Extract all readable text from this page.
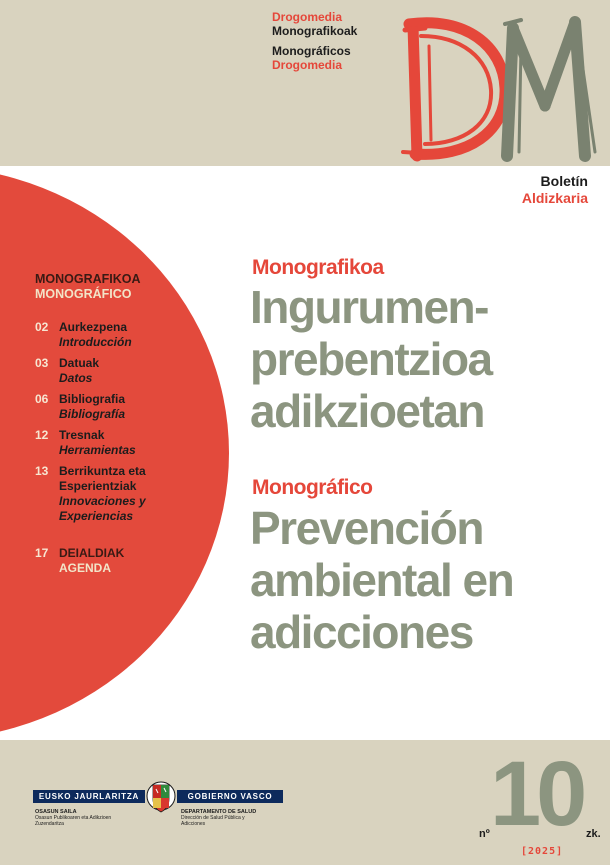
Drogomedia
Monografikoak
Monográficos
Drogomedia
Boletín
Aldizkaria
MONOGRAFIKOA
MONOGRÁFICO
02 Aurkezpena
Introducción
03 Datuak
Datos
06 Bibliografia
Bibliografía
12 Tresnak
Herramientas
13 Berrikuntza eta Esperientziak
Innovaciones y Experiencias
17 DEIALDIAK
AGENDA
Monografikoa
Ingurumen-prebentzioa adikzioetan
Monográfico
Prevención ambiental en adicciones
EUSKO JAURLARITZA	GOBIERNO VASCO
OSASUN SAILA
Osasun Publikoaren eta Adikzioen Zuzendaritza
DEPARTAMENTO DE SALUD
Dirección de Salud Pública y Adicciones
nº 10 zk.
[2025]
